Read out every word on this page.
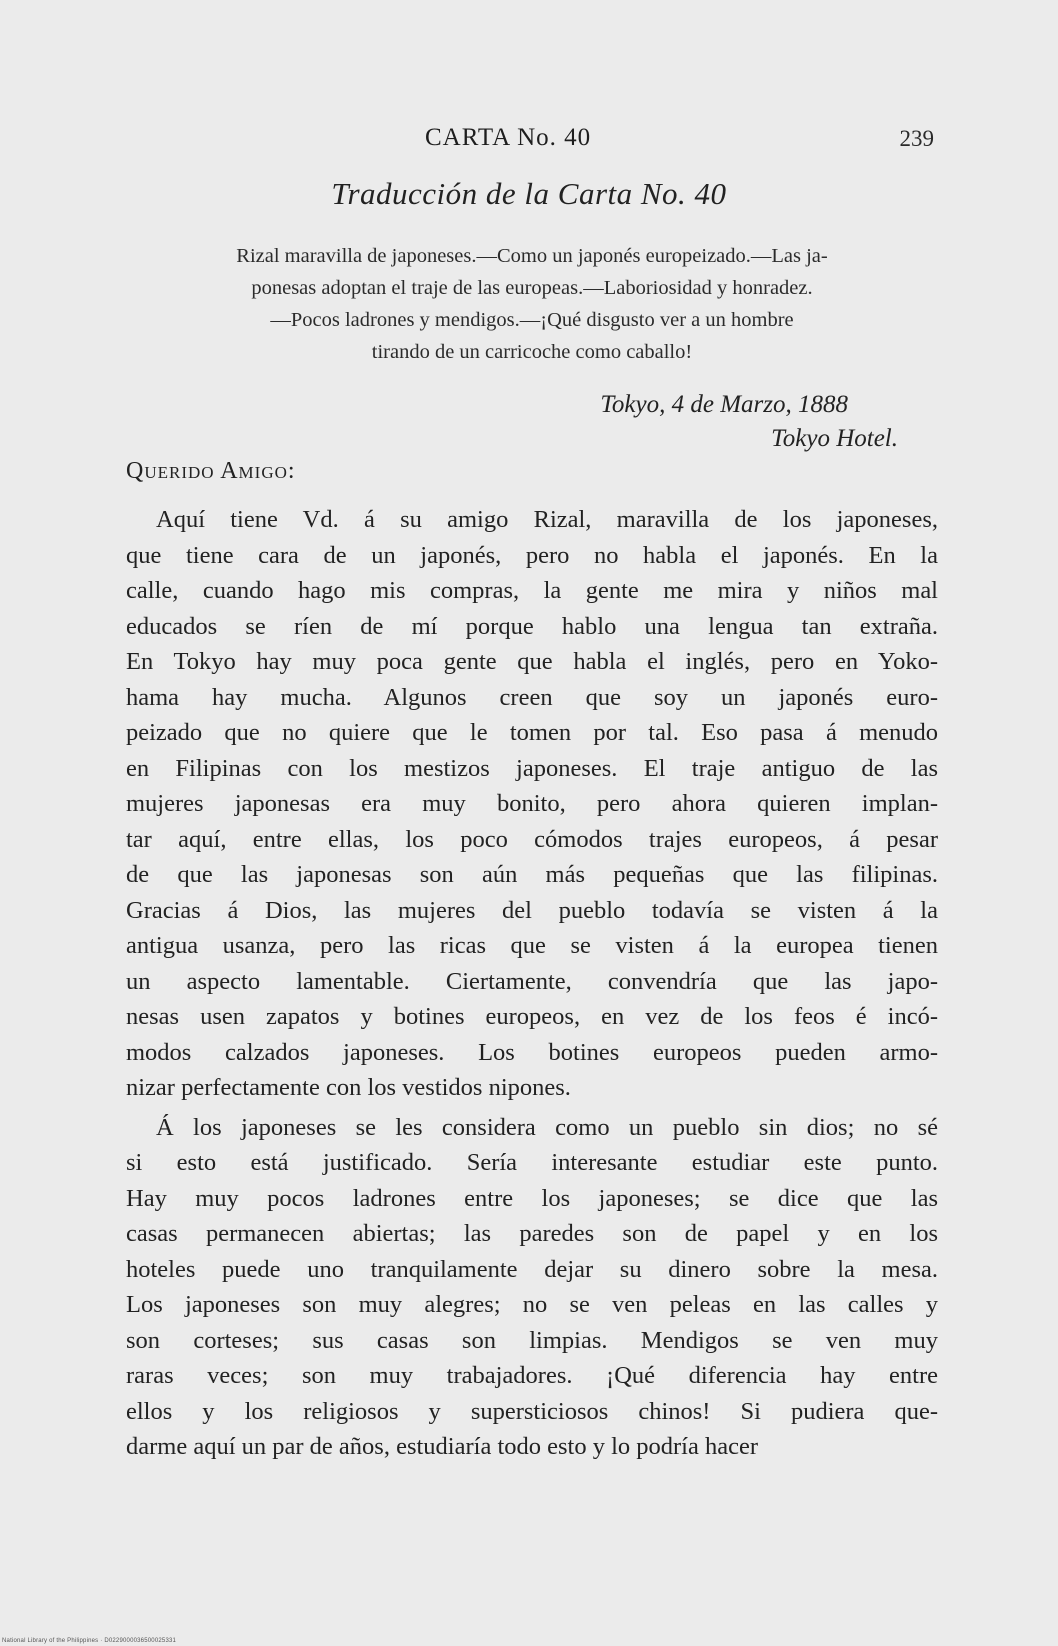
CARTA No. 40	239
Traducción de la Carta No. 40
Rizal maravilla de japoneses.—Como un japonés europeizado.—Las ja-
ponesas adoptan el traje de las europeas.—Laboriosidad y honradez.
—Pocos ladrones y mendigos.—¡Qué disgusto ver a un hombre
tirando de un carricoche como caballo!
Tokyo, 4 de Marzo, 1888
Tokyo Hotel.
Querido Amigo:
Aquí tiene Vd. á su amigo Rizal, maravilla de los japoneses,
que tiene cara de un japonés, pero no habla el japonés. En la
calle, cuando hago mis compras, la gente me mira y niños mal
educados se ríen de mí porque hablo una lengua tan extraña.
En Tokyo hay muy poca gente que habla el inglés, pero en Yoko-
hama hay mucha. Algunos creen que soy un japonés euro-
peizado que no quiere que le tomen por tal. Eso pasa á menudo
en Filipinas con los mestizos japoneses. El traje antiguo de las
mujeres japonesas era muy bonito, pero ahora quieren implan-
tar aquí, entre ellas, los poco cómodos trajes europeos, á pesar
de que las japonesas son aún más pequeñas que las filipinas.
Gracias á Dios, las mujeres del pueblo todavía se visten á la
antigua usanza, pero las ricas que se visten á la europea tienen
un aspecto lamentable. Ciertamente, convendría que las japo-
nesas usen zapatos y botines europeos, en vez de los feos é incó-
modos calzados japoneses. Los botines europeos pueden armo-
nizar perfectamente con los vestidos nipones.
Á los japoneses se les considera como un pueblo sin dios; no sé
si esto está justificado. Sería interesante estudiar este punto.
Hay muy pocos ladrones entre los japoneses; se dice que las
casas permanecen abiertas; las paredes son de papel y en los
hoteles puede uno tranquilamente dejar su dinero sobre la mesa.
Los japoneses son muy alegres; no se ven peleas en las calles y
son corteses; sus casas son limpias. Mendigos se ven muy
raras veces; son muy trabajadores. ¡Qué diferencia hay entre
ellos y los religiosos y supersticiosos chinos! Si pudiera que-
darme aquí un par de años, estudiaría todo esto y lo podría hacer
National Library of the Philippines · D0229000036500025331
